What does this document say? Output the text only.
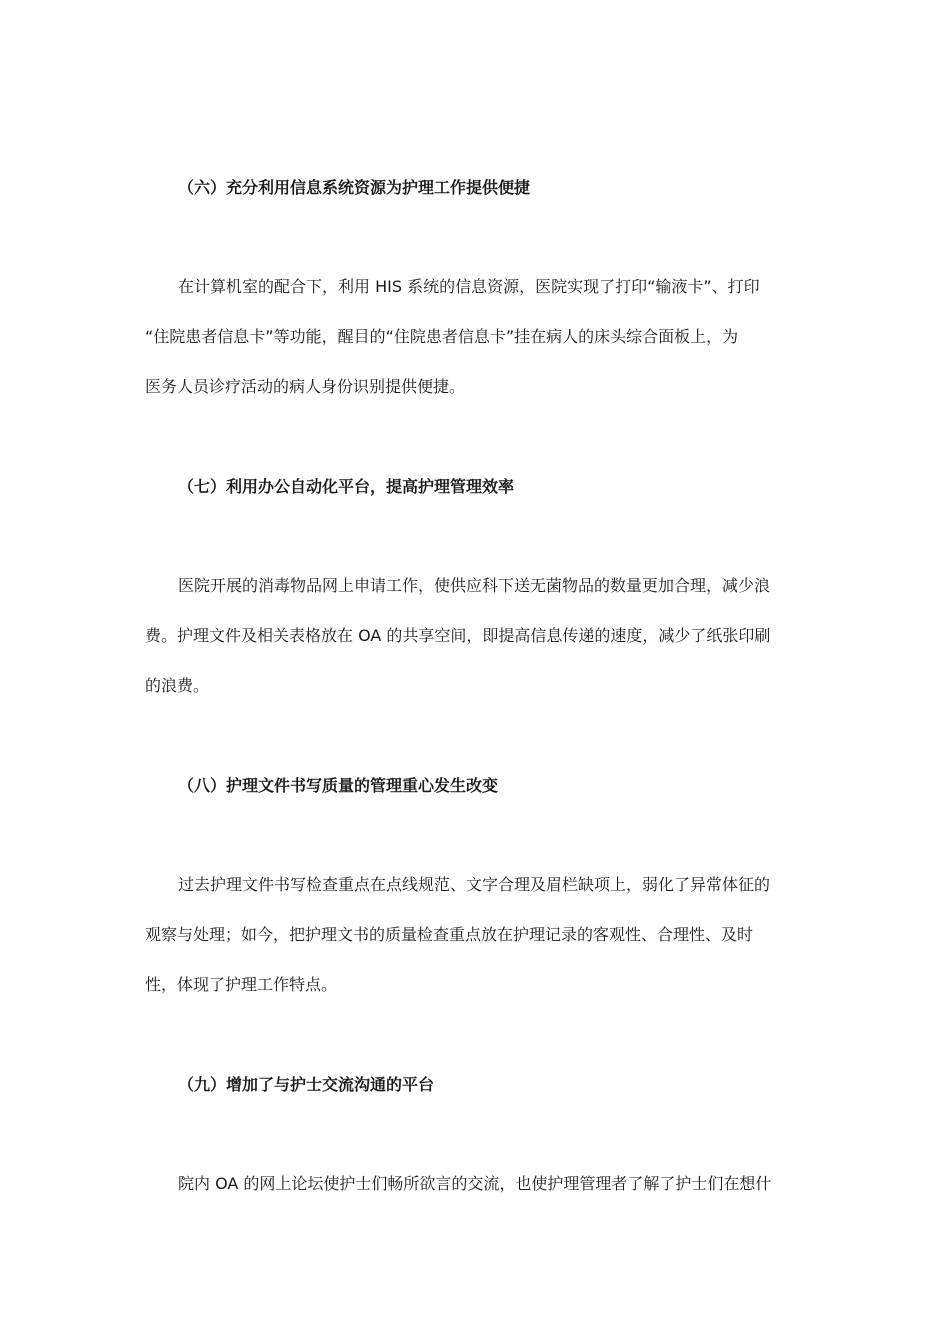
（六）充分利用信息系统资源为护理工作提供便捷
在计算机室的配合下，利用 HIS 系统的信息资源，医院实现了打印“输液卡”、打印
“住院患者信息卡”等功能，醒目的“住院患者信息卡”挂在病人的床头综合面板上，为
医务人员诊疗活动的病人身份识别提供便捷。
（七）利用办公自动化平台，提高护理管理效率
医院开展的消毒物品网上申请工作，使供应科下送无菌物品的数量更加合理，减少浪
费。护理文件及相关表格放在 OA 的共享空间，即提高信息传递的速度，减少了纸张印刷
的浪费。
（八）护理文件书写质量的管理重心发生改变
过去护理文件书写检查重点在点线规范、文字合理及眉栏缺项上，弱化了异常体征的
观察与处理；如今，把护理文书的质量检查重点放在护理记录的客观性、合理性、及时
性，体现了护理工作特点。
（九）增加了与护士交流沟通的平台
院内 OA 的网上论坛使护士们畅所欲言的交流，也使护理管理者了解了护士们在想什
